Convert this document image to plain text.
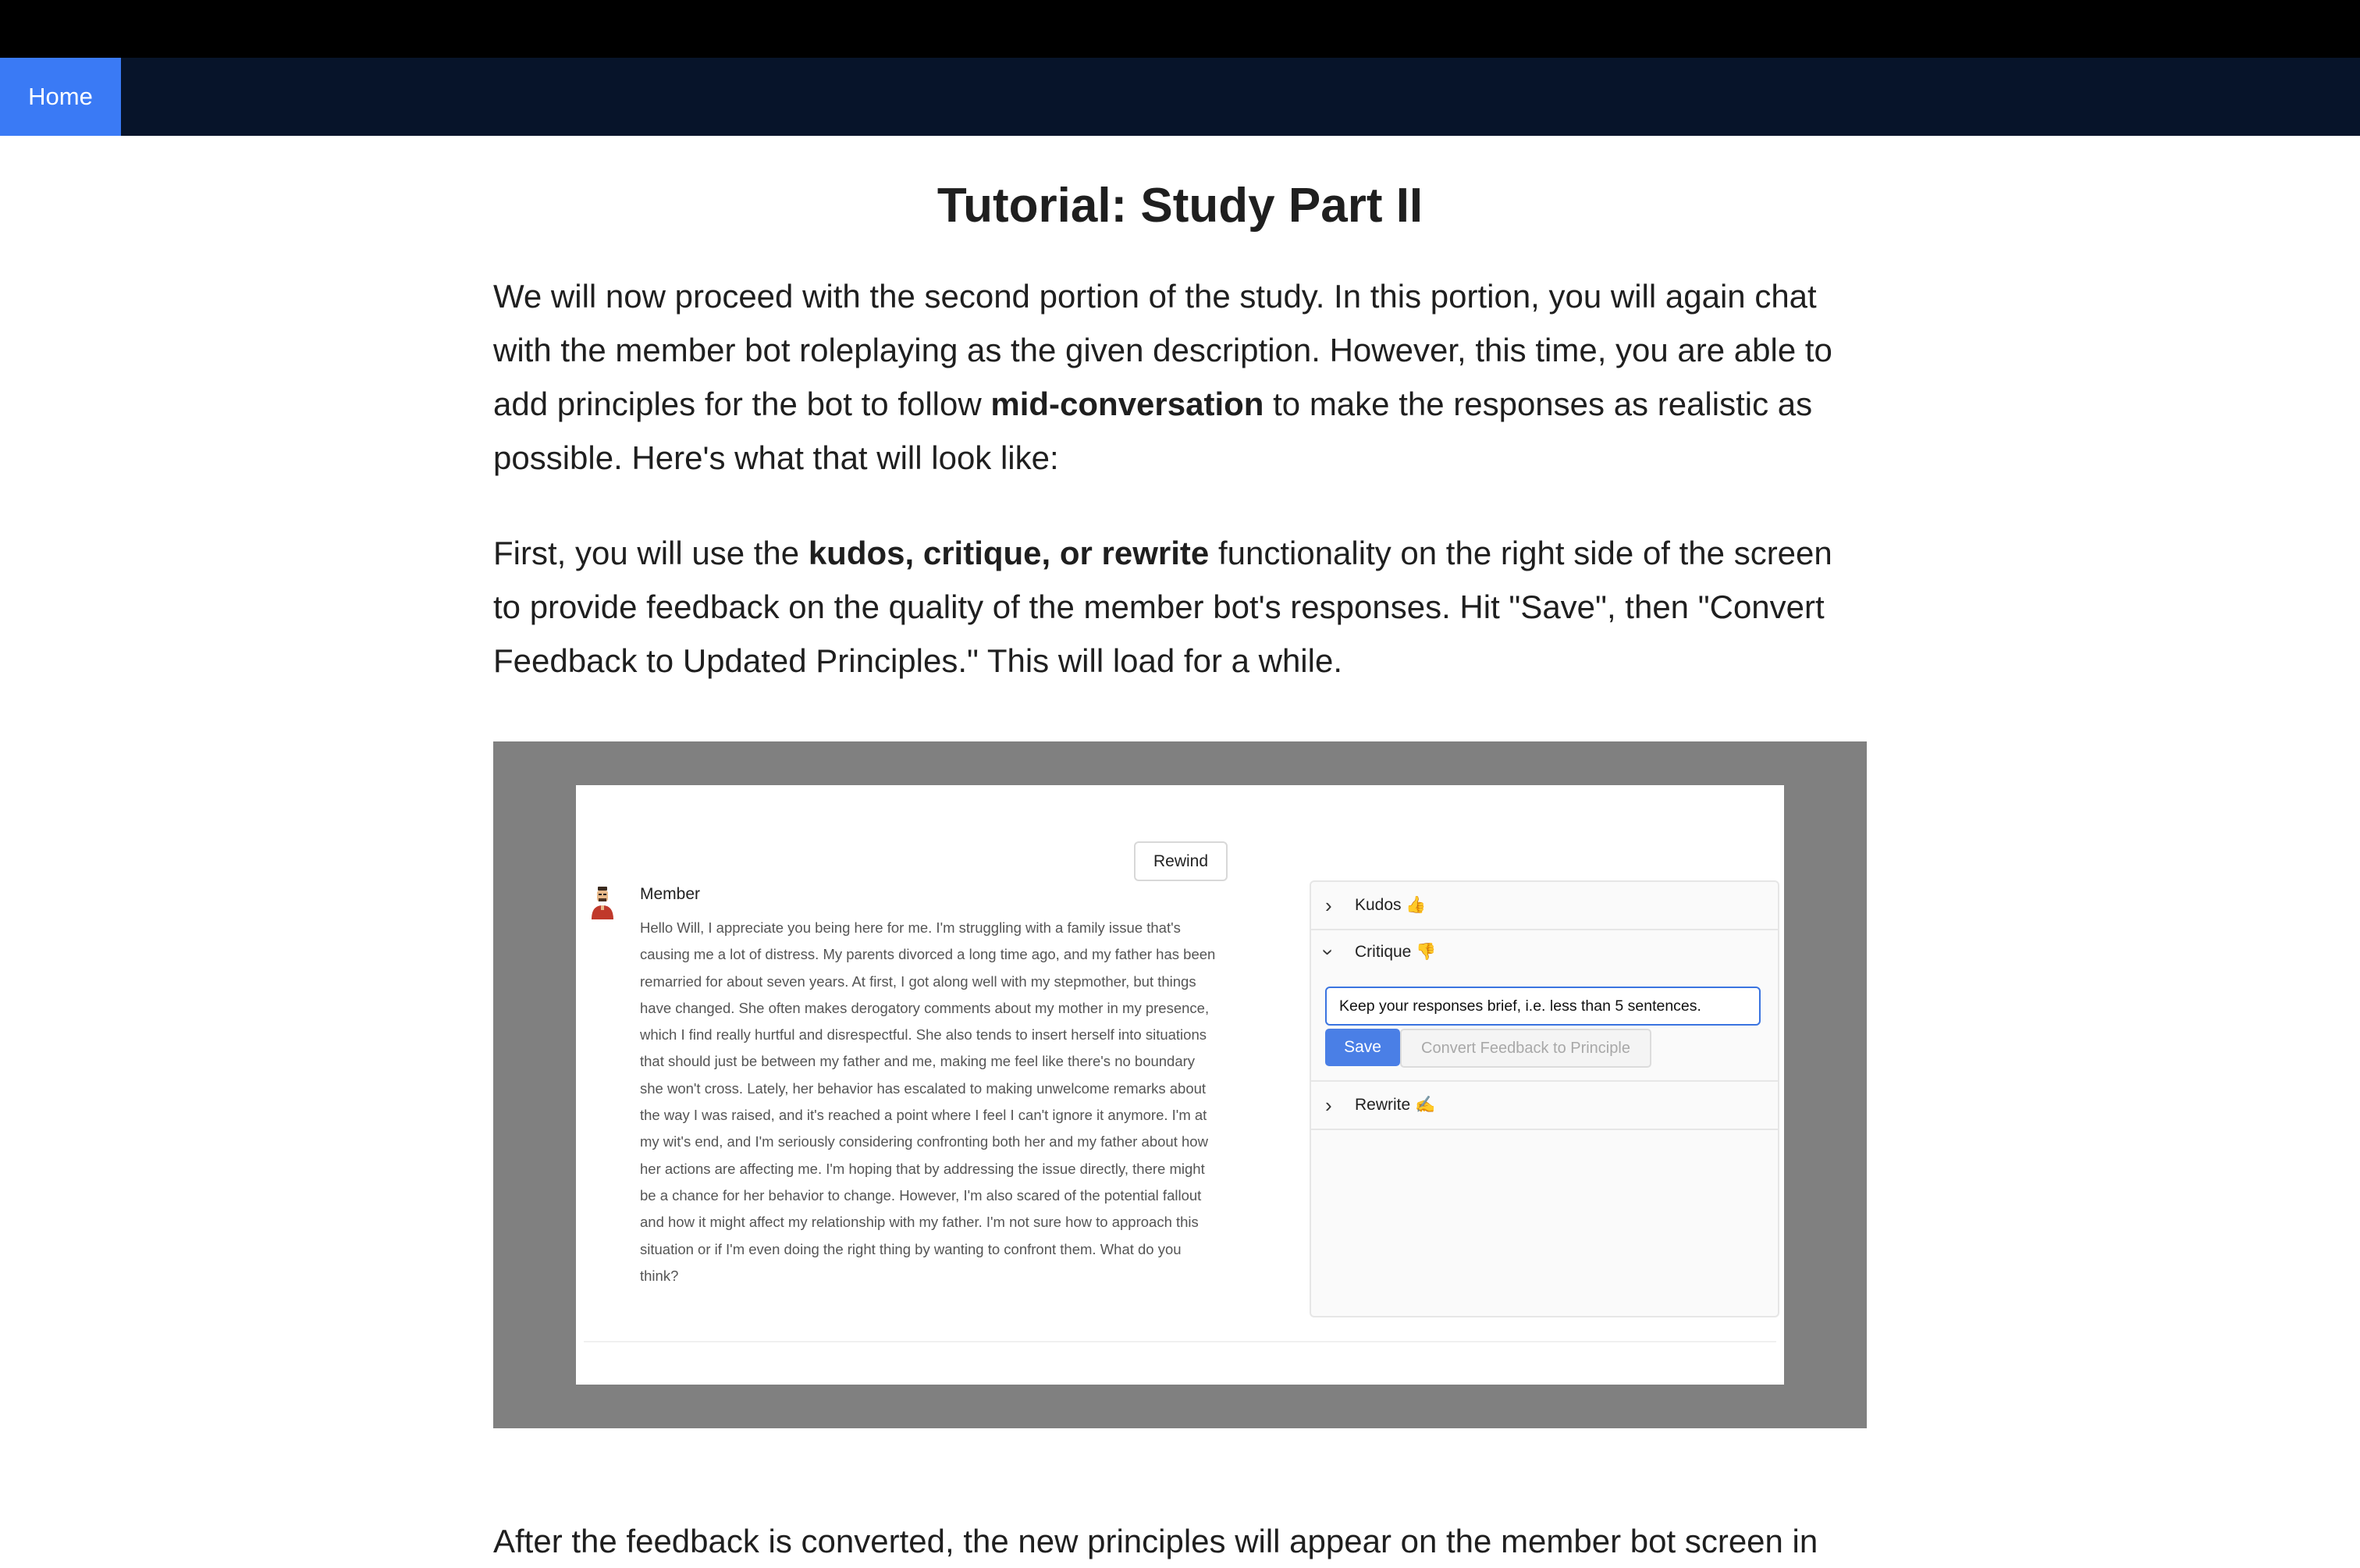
Home
Tutorial: Study Part II

We will now proceed with the second portion of the study. In this portion, you will again chat with the member bot roleplaying as the given description. However, this time, you are able to add principles for the bot to follow mid-conversation to make the responses as realistic as possible. Here's what that will look like:

First, you will use the kudos, critique, or rewrite functionality on the right side of the screen to provide feedback on the quality of the member bot's responses. Hit "Save", then "Convert Feedback to Updated Principles." This will load for a while.

Rewind
Member
Hello Will, I appreciate you being here for me. I'm struggling with a family issue that's causing me a lot of distress. My parents divorced a long time ago, and my father has been remarried for about seven years. At first, I got along well with my stepmother, but things have changed. She often makes derogatory comments about my mother in my presence, which I find really hurtful and disrespectful. She also tends to insert herself into situations that should just be between my father and me, making me feel like there's no boundary she won't cross. Lately, her behavior has escalated to making unwelcome remarks about the way I was raised, and it's reached a point where I feel I can't ignore it anymore. I'm at my wit's end, and I'm seriously considering confronting both her and my father about how her actions are affecting me. I'm hoping that by addressing the issue directly, there might be a chance for her behavior to change. However, I'm also scared of the potential fallout and how it might affect my relationship with my father. I'm not sure how to approach this situation or if I'm even doing the right thing by wanting to confront them. What do you think?
› Kudos 👍
› Critique 👎
Keep your responses brief, i.e. less than 5 sentences.
Save	Convert Feedback to Principle
› Rewrite ✍️

After the feedback is converted, the new principles will appear on the member bot screen in
